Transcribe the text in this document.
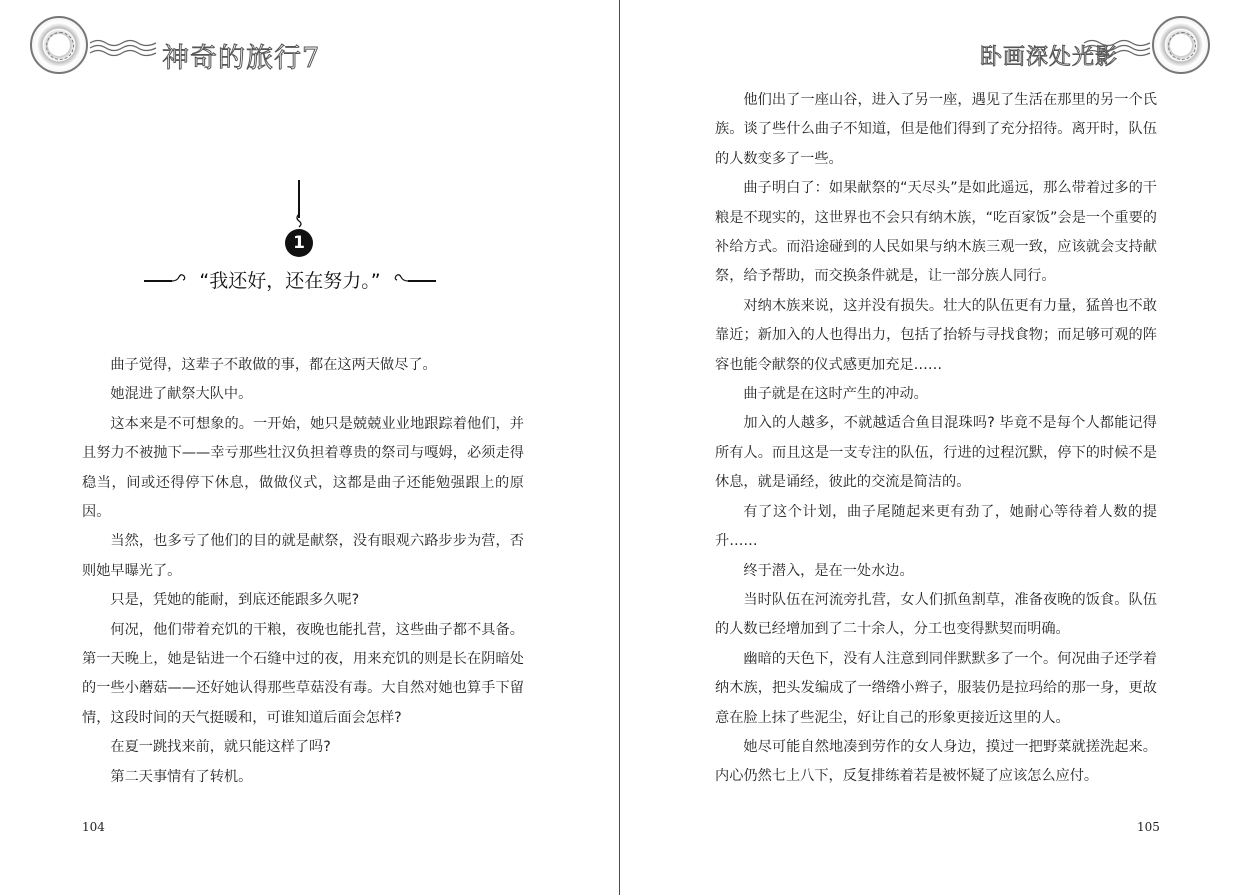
神奇的旅行7
1
“我还好，还在努力。”

曲子觉得，这辈子不敢做的事，都在这两天做尽了。

她混进了献祭大队中。

这本来是不可想象的。一开始，她只是兢兢业业地跟踪着他们，并且努力不被抛下——幸亏那些壮汉负担着尊贵的祭司与嘎姆，必须走得稳当，间或还得停下休息，做做仪式，这都是曲子还能勉强跟上的原因。

当然，也多亏了他们的目的就是献祭，没有眼观六路步步为营，否则她早曝光了。

只是，凭她的能耐，到底还能跟多久呢?

何况，他们带着充饥的干粮，夜晚也能扎营，这些曲子都不具备。第一天晚上，她是钻进一个石缝中过的夜，用来充饥的则是长在阴暗处的一些小蘑菇——还好她认得那些草菇没有毒。大自然对她也算手下留情，这段时间的天气挺暖和，可谁知道后面会怎样?

在夏一跳找来前，就只能这样了吗?

第二天事情有了转机。

104
卧画深处光影

他们出了一座山谷，进入了另一座，遇见了生活在那里的另一个氏族。谈了些什么曲子不知道，但是他们得到了充分招待。离开时，队伍的人数变多了一些。

曲子明白了：如果献祭的“天尽头”是如此遥远，那么带着过多的干粮是不现实的，这世界也不会只有纳木族，“吃百家饭”会是一个重要的补给方式。而沿途碰到的人民如果与纳木族三观一致，应该就会支持献祭，给予帮助，而交换条件就是，让一部分族人同行。

对纳木族来说，这并没有损失。壮大的队伍更有力量，猛兽也不敢靠近；新加入的人也得出力，包括了抬轿与寻找食物；而足够可观的阵容也能令献祭的仪式感更加充足……

曲子就是在这时产生的冲动。

加入的人越多，不就越适合鱼目混珠吗? 毕竟不是每个人都能记得所有人。而且这是一支专注的队伍，行进的过程沉默，停下的时候不是休息，就是诵经，彼此的交流是简洁的。

有了这个计划，曲子尾随起来更有劲了，她耐心等待着人数的提升……

终于潜入，是在一处水边。

当时队伍在河流旁扎营，女人们抓鱼割草，准备夜晚的饭食。队伍的人数已经增加到了二十余人，分工也变得默契而明确。

幽暗的天色下，没有人注意到同伴默默多了一个。何况曲子还学着纳木族，把头发编成了一绺绺小辫子，服装仍是拉玛给的那一身，更故意在脸上抹了些泥尘，好让自己的形象更接近这里的人。

她尽可能自然地凑到劳作的女人身边，摸过一把野菜就搓洗起来。内心仍然七上八下，反复排练着若是被怀疑了应该怎么应付。

105
